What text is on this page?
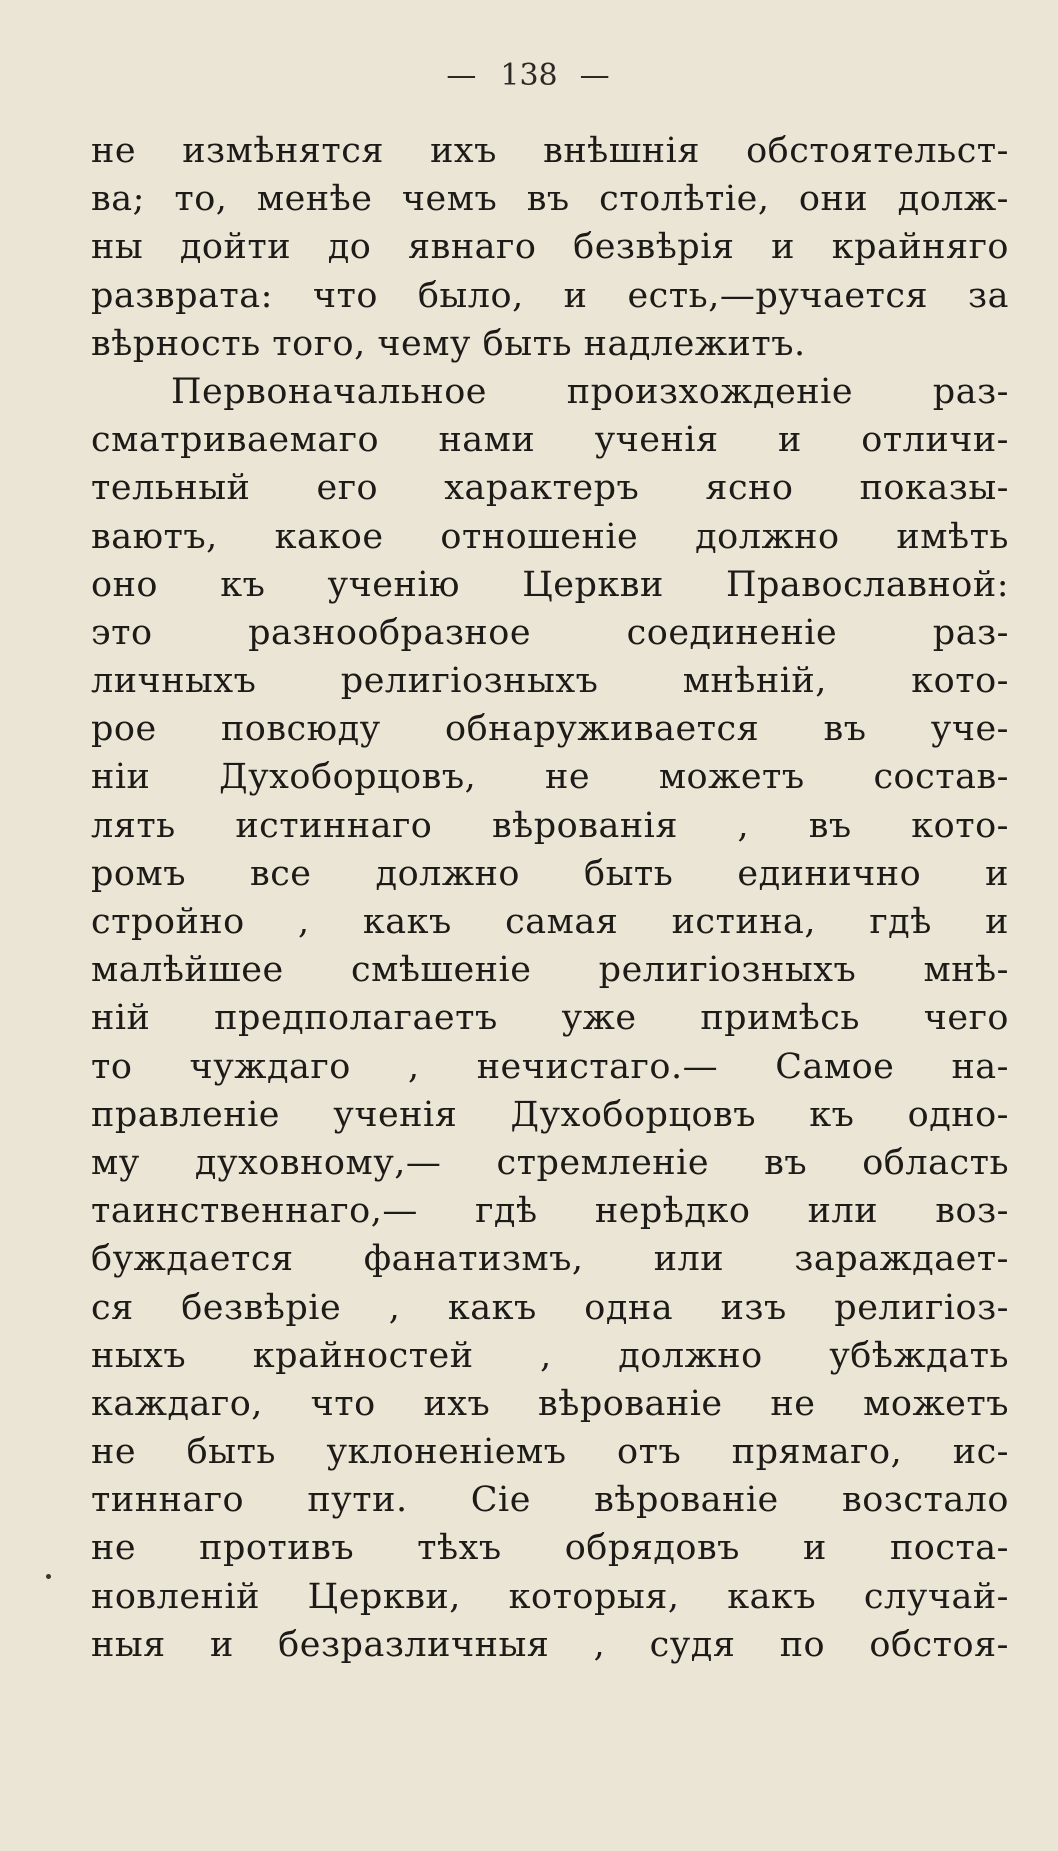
— 138 —
не измѣнятся ихъ внѣшнія обстоятельст-
ва; то, менѣе чемъ въ столѣтіе, они долж-
ны дойти до явнаго безвѣрія и крайняго
разврата: что было, и есть,—ручается за
вѣрность того, чему быть надлежитъ.
Первоначальное произхожденіе раз-
сматриваемаго нами ученія и отличи-
тельный его характеръ ясно показы-
ваютъ, какое отношеніе должно имѣть
оно къ ученію Церкви Православной:
это разнообразное соединеніе раз-
личныхъ религіозныхъ мнѣній, кото-
рое повсюду обнаруживается въ уче-
ніи Духоборцовъ, не можетъ состав-
лять истиннаго вѣрованія , въ кото-
ромъ все должно быть единично и
стройно , какъ самая истина, гдѣ и
малѣйшее смѣшеніе религіозныхъ мнѣ-
ній предполагаетъ уже примѣсь чего
то чуждаго , нечистаго.— Самое на-
правленіе ученія Духоборцовъ къ одно-
му духовному,— стремленіе въ область
таинственнаго,— гдѣ нерѣдко или воз-
буждается фанатизмъ, или зараждает-
ся безвѣріе , какъ одна изъ религіоз-
ныхъ крайностей , должно убѣждать
каждаго, что ихъ вѣрованіе не можетъ
не быть уклоненіемъ отъ прямаго, ис-
тиннаго пути. Сіе вѣрованіе возстало
не противъ тѣхъ обрядовъ и поста-
новленій Церкви, которыя, какъ случай-
ныя и безразличныя , судя по обстоя-
